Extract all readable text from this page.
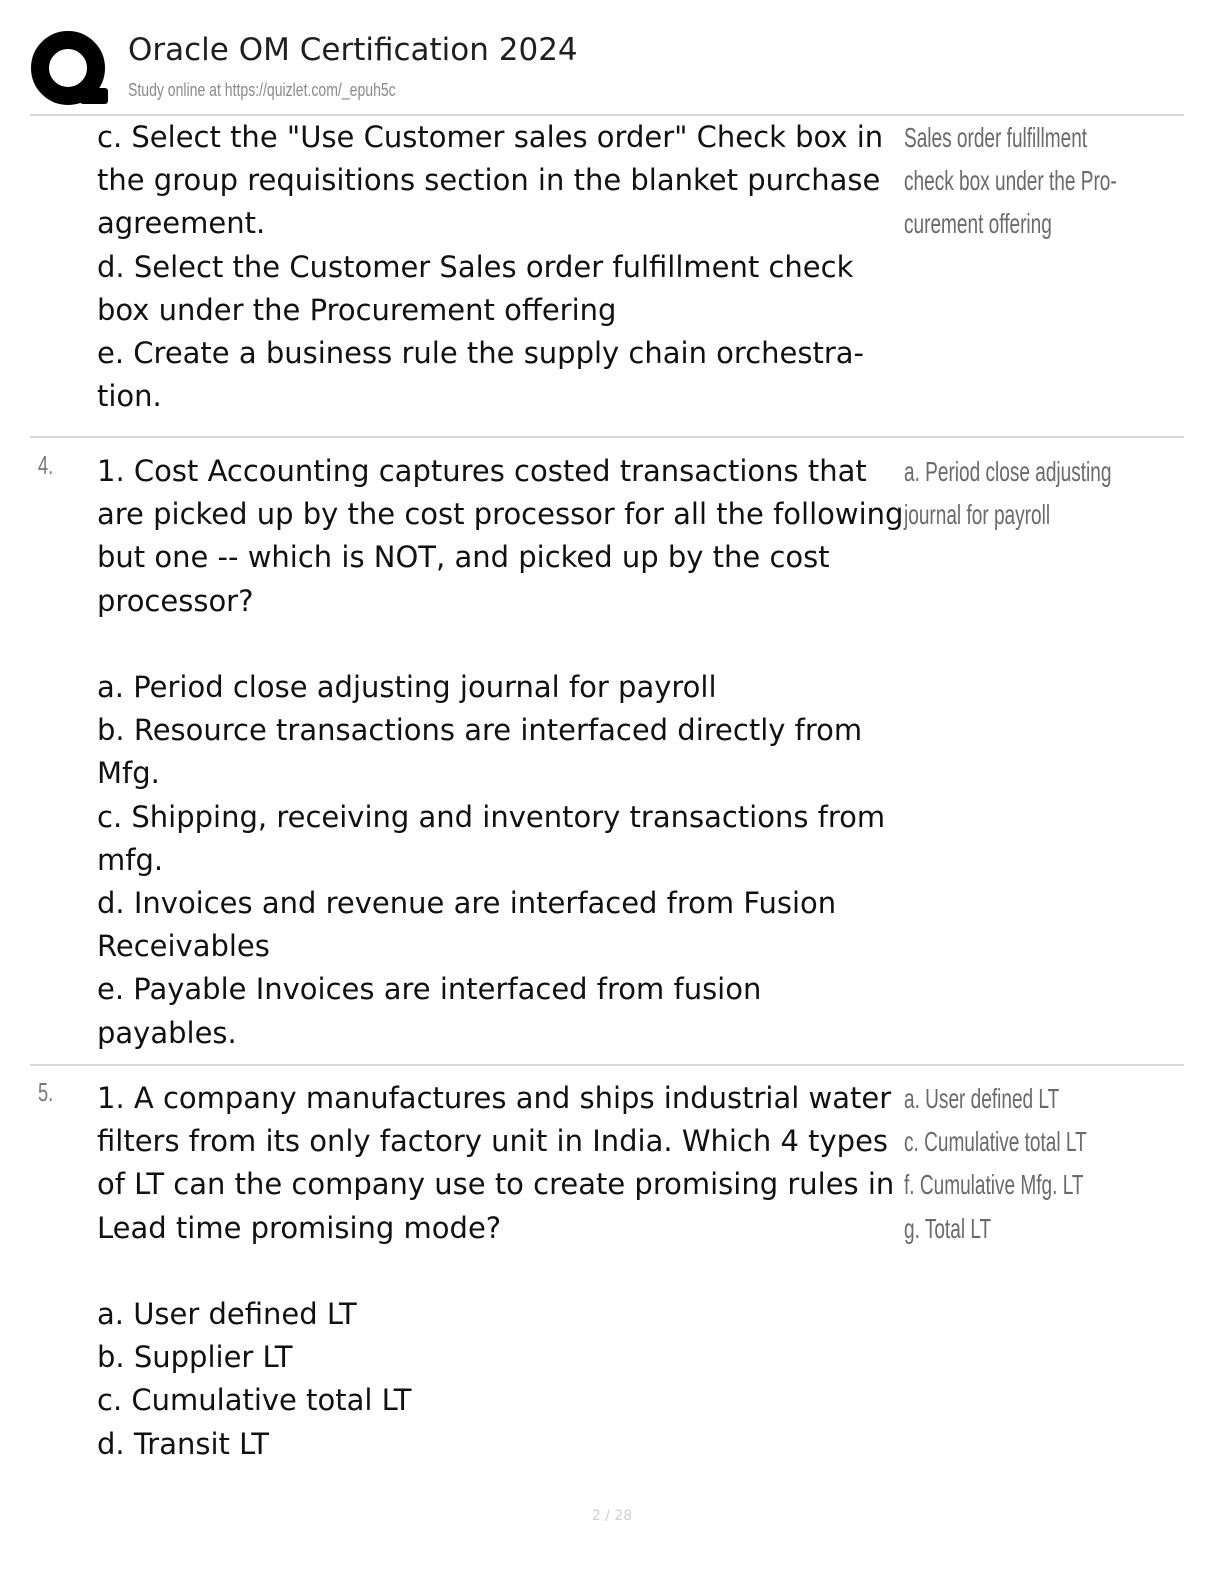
Oracle OM Certification 2024
Study online at https://quizlet.com/_epuh5c
c. Select the "Use Customer sales order" Check box in
the group requisitions section in the blanket purchase
agreement.
d. Select the Customer Sales order fulfillment check
box under the Procurement offering
e. Create a business rule the supply chain orchestra-
tion.
Sales order fulfillment
check box under the Pro-
curement offering
4. 1. Cost Accounting captures costed transactions that
are picked up by the cost processor for all the following
but one -- which is NOT, and picked up by the cost
processor?
a. Period close adjusting journal for payroll
b. Resource transactions are interfaced directly from
Mfg.
c. Shipping, receiving and inventory transactions from
mfg.
d. Invoices and revenue are interfaced from Fusion
Receivables
e. Payable Invoices are interfaced from fusion
payables.
a. Period close adjusting
journal for payroll
5. 1. A company manufactures and ships industrial water
filters from its only factory unit in India. Which 4 types
of LT can the company use to create promising rules in
Lead time promising mode?
a. User defined LT
b. Supplier LT
c. Cumulative total LT
d. Transit LT
a. User defined LT
c. Cumulative total LT
f. Cumulative Mfg. LT
g. Total LT
2 / 28
